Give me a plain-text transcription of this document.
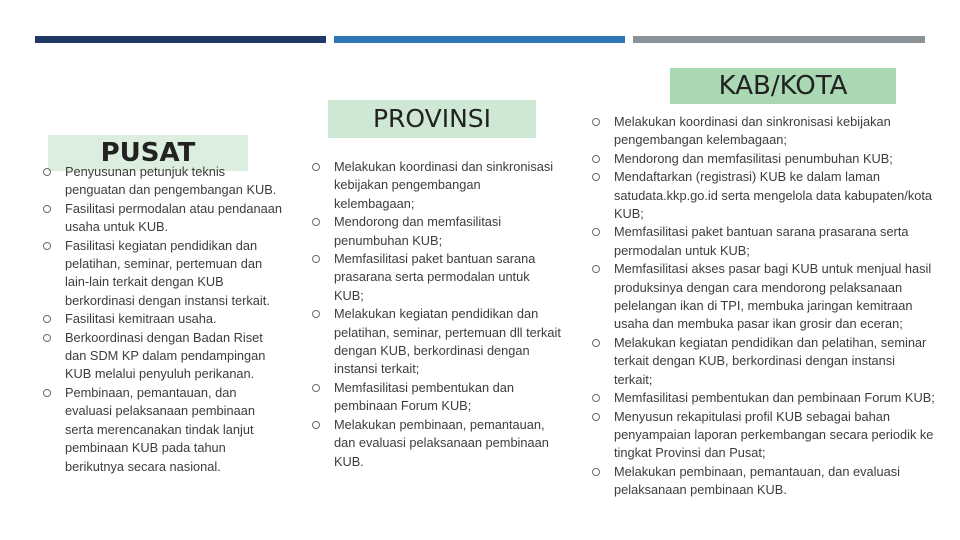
PUSAT
PROVINSI
KAB/KOTA
Penyusunan petunjuk teknis penguatan dan pengembangan KUB.
Fasilitasi permodalan atau pendanaan usaha untuk KUB.
Fasilitasi kegiatan pendidikan dan pelatihan, seminar, pertemuan dan lain-lain terkait dengan KUB berkordinasi dengan instansi terkait.
Fasilitasi kemitraan usaha.
Berkoordinasi dengan Badan Riset dan SDM KP dalam pendampingan KUB melalui penyuluh perikanan.
Pembinaan, pemantauan, dan evaluasi pelaksanaan pembinaan serta merencanakan tindak lanjut pembinaan KUB pada tahun berikutnya secara nasional.
Melakukan koordinasi dan sinkronisasi kebijakan pengembangan kelembagaan;
Mendorong dan memfasilitasi penumbuhan KUB;
Memfasilitasi paket bantuan sarana prasarana serta permodalan untuk KUB;
Melakukan kegiatan pendidikan dan pelatihan, seminar, pertemuan dll terkait dengan KUB, berkordinasi dengan instansi terkait;
Memfasilitasi pembentukan dan pembinaan Forum KUB;
Melakukan pembinaan, pemantauan, dan evaluasi pelaksanaan pembinaan KUB.
Melakukan koordinasi dan sinkronisasi kebijakan pengembangan kelembagaan;
Mendorong dan memfasilitasi penumbuhan KUB;
Mendaftarkan (registrasi) KUB ke dalam laman satudata.kkp.go.id serta mengelola data kabupaten/kota KUB;
Memfasilitasi paket bantuan sarana prasarana serta permodalan untuk KUB;
Memfasilitasi akses pasar bagi KUB untuk menjual hasil produksinya dengan cara mendorong pelaksanaan pelelangan ikan di TPI, membuka jaringan kemitraan usaha dan membuka pasar ikan grosir dan eceran;
Melakukan kegiatan pendidikan dan pelatihan, seminar terkait dengan KUB, berkordinasi dengan instansi terkait;
Memfasilitasi pembentukan dan pembinaan Forum KUB;
Menyusun rekapitulasi profil KUB sebagai bahan penyampaian laporan perkembangan secara periodik ke tingkat Provinsi dan Pusat;
Melakukan pembinaan, pemantauan, dan evaluasi pelaksanaan pembinaan KUB.
